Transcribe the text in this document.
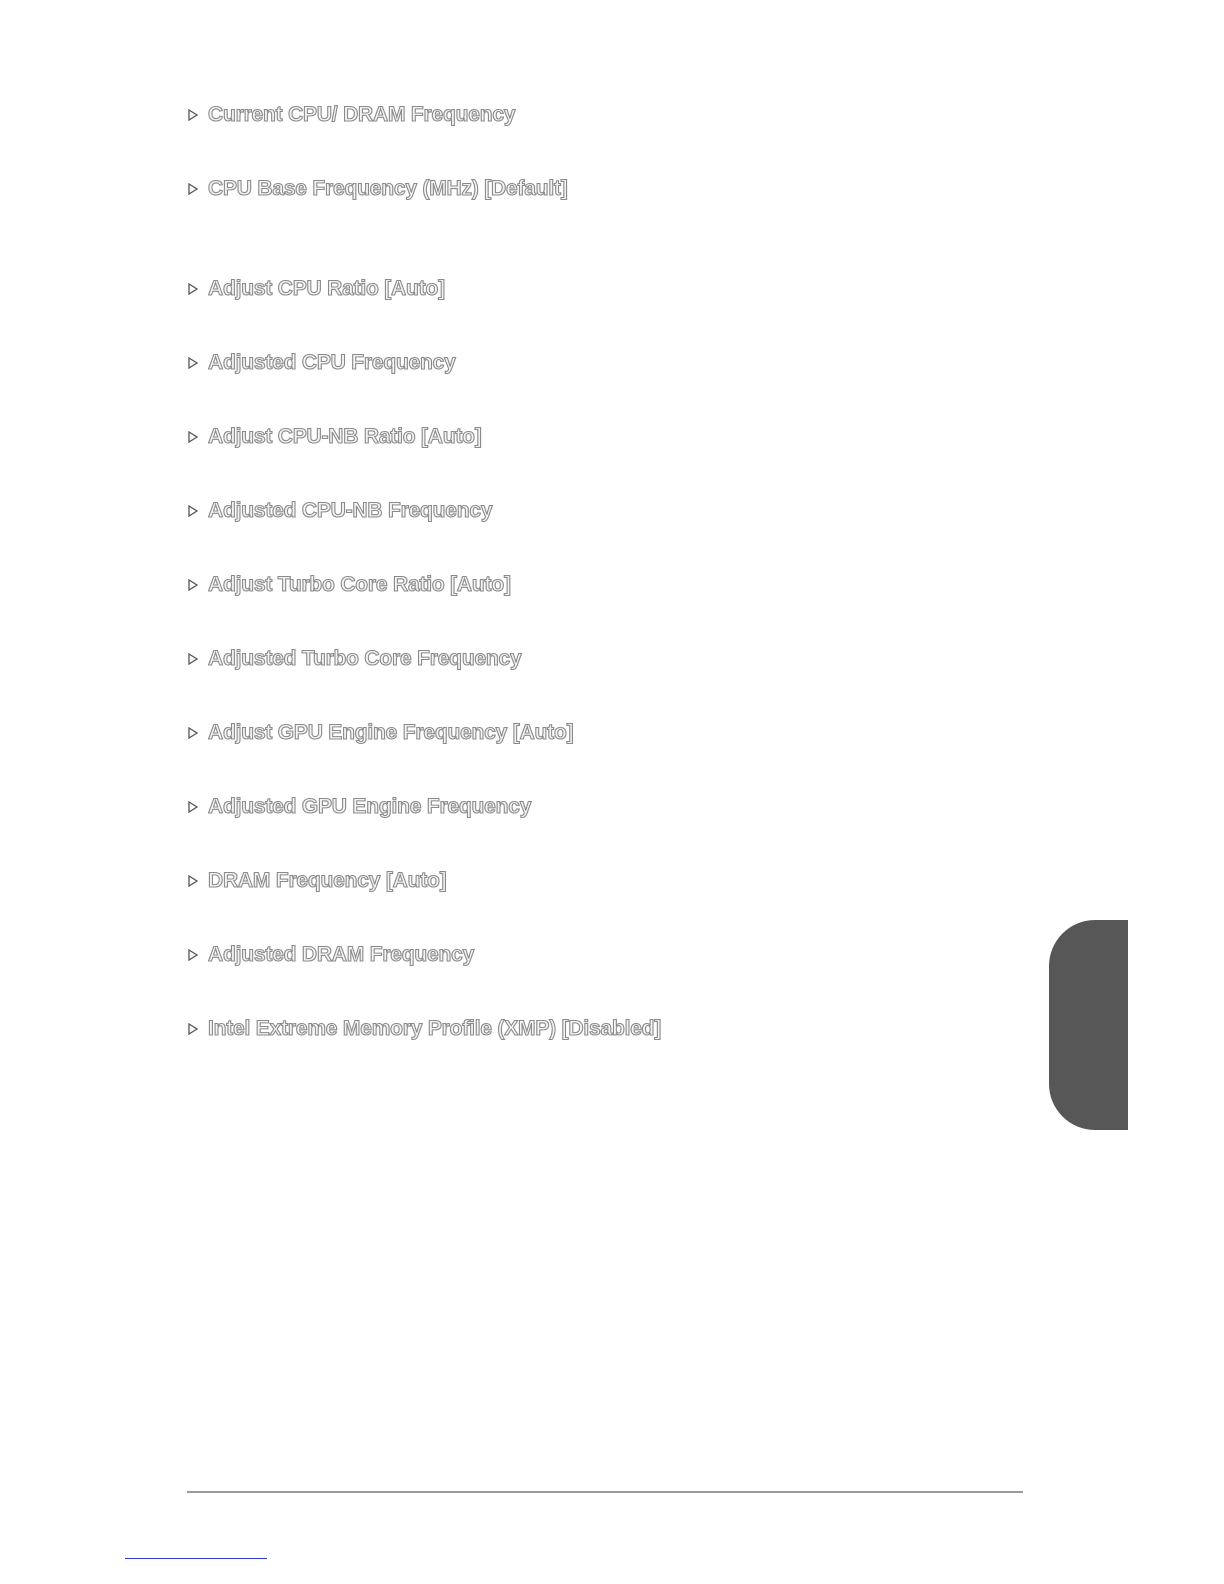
Current CPU/ DRAM Frequency
CPU Base Frequency (MHz) [Default]
Adjust CPU Ratio [Auto]
Adjusted CPU Frequency
Adjust CPU-NB Ratio [Auto]
Adjusted CPU-NB Frequency
Adjust Turbo Core Ratio [Auto]
Adjusted Turbo Core Frequency
Adjust GPU Engine Frequency [Auto]
Adjusted GPU Engine Frequency
DRAM Frequency [Auto]
Adjusted DRAM Frequency
Intel Extreme Memory Profile (XMP) [Disabled]
